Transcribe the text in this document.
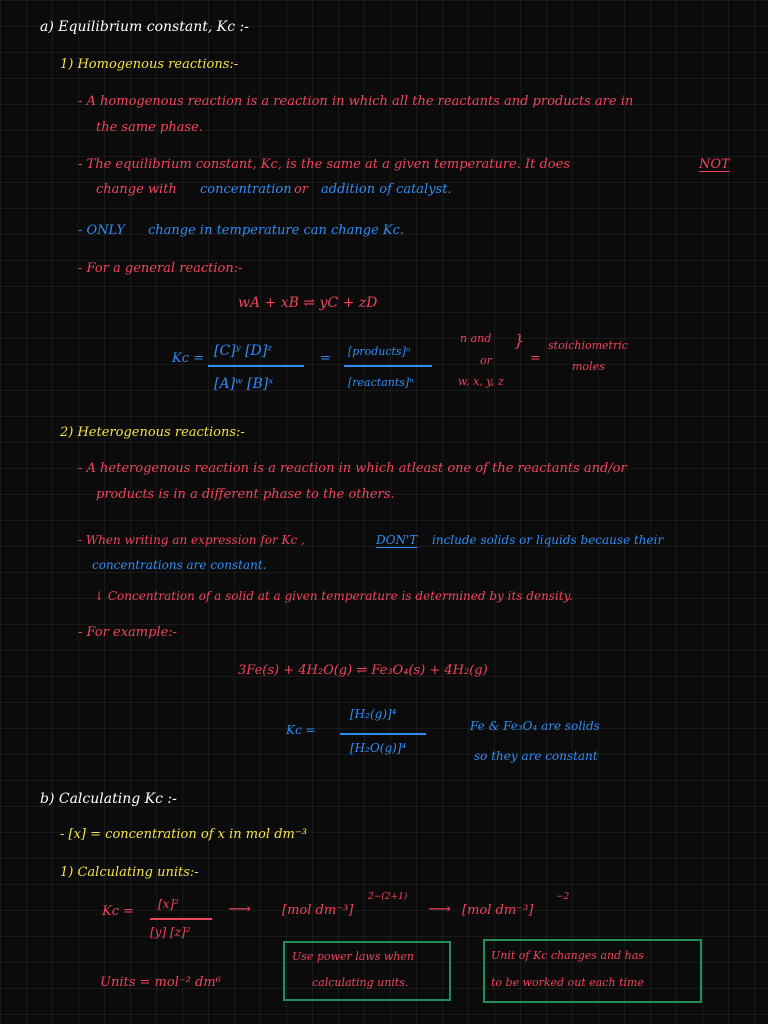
a) Equilibrium constant, Kc :-
1) Homogenous reactions:-
- A homogenous reaction is a reaction in which all the reactants and products are in
the same phase.
- The equilibrium constant, Kc, is the same at a given temperature. It does	NOT
change with concentration or addition of catalyst.
- ONLY change in temperature can change Kc.
- For a general reaction:-
wA + xB ⇌ yC + zD
Kc = [C]ʸ [D]ᶻ
[A]ʷ [B]ˣ
= [products]ⁿ
[reactants]ⁿ
n and
or
w, x, y, z
}
=
stoichiometric
moles
2) Heterogenous reactions:-
- A heterogenous reaction is a reaction in which atleast one of the reactants and/or
products is in a different phase to the others.
- When writing an expression for Kc ,	DON'T include solids or liquids because their
concentrations are constant.
↓ Concentration of a solid at a given temperature is determined by its density.
- For example:-
3Fe(s) + 4H₂O(g) ⇌ Fe₃O₄(s) + 4H₂(g)
Kc =
[H₂(g)]⁴
[H₂O(g)]⁴
Fe & Fe₃O₄ are solids
so they are constant
b) Calculating Kc :-
- [x] = concentration of x in mol dm⁻³
1) Calculating units:-
Kc = [x]²
[y] [z]²
⟶ [mol dm⁻³]
2−(2+1)
⟶ [mol dm⁻³]
−2
Units = mol⁻² dm⁶
Use power laws when
calculating units.
Unit of Kc changes and has
to be worked out each time
